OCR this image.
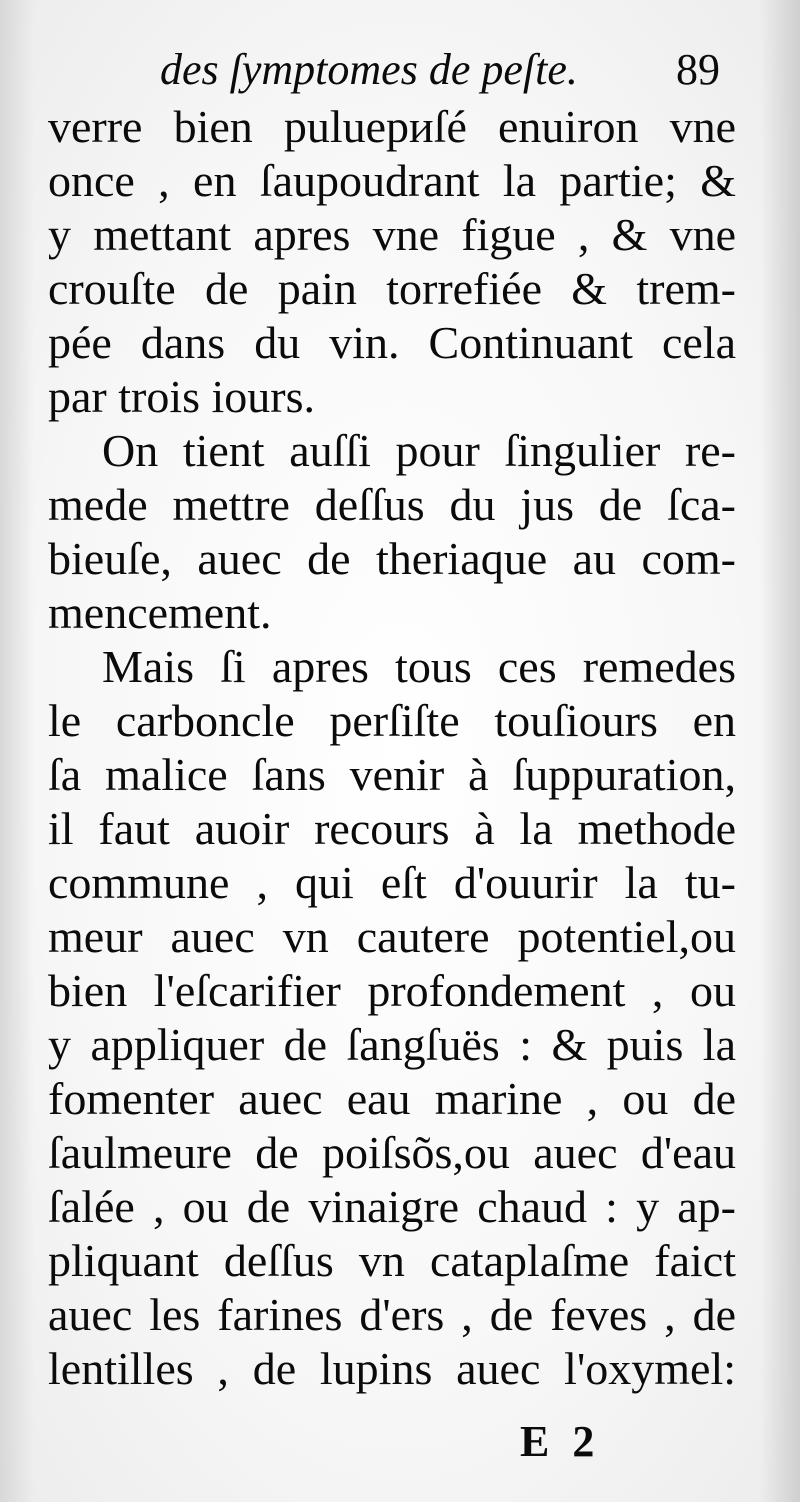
des ſymptomes de peſte. 89
verre bien puluериſé enuiron vne
once , en ſaupoudrant la partie; &
y mettant apres vne figue , & vne
crouſte de pain torrefiée & trem-
pée dans du vin. Continuant cela
par trois iours.
On tient auſſi pour ſingulier re-
mede mettre deſſus du jus de ſca-
bieuſe, auec de theriaque au com-
mencement.
Mais ſi apres tous ces remedes
le carboncle perſiſte touſiours en
ſa malice ſans venir à ſuppuration,
il faut auoir recours à la methode
commune , qui eſt d'ouurir la tu-
meur auec vn cautere potentiel,ou
bien l'eſcarifier profondement , ou
y appliquer de ſangſuës : & puis la
fomenter auec eau marine , ou de
ſaulmeure de poiſsõs,ou auec d'eau
ſalée , ou de vinaigre chaud : y ap-
pliquant deſſus vn cataplaſme faict
auec les farines d'ers , de feves , de
lentilles , de lupins auec l'oxymel:
E 2
